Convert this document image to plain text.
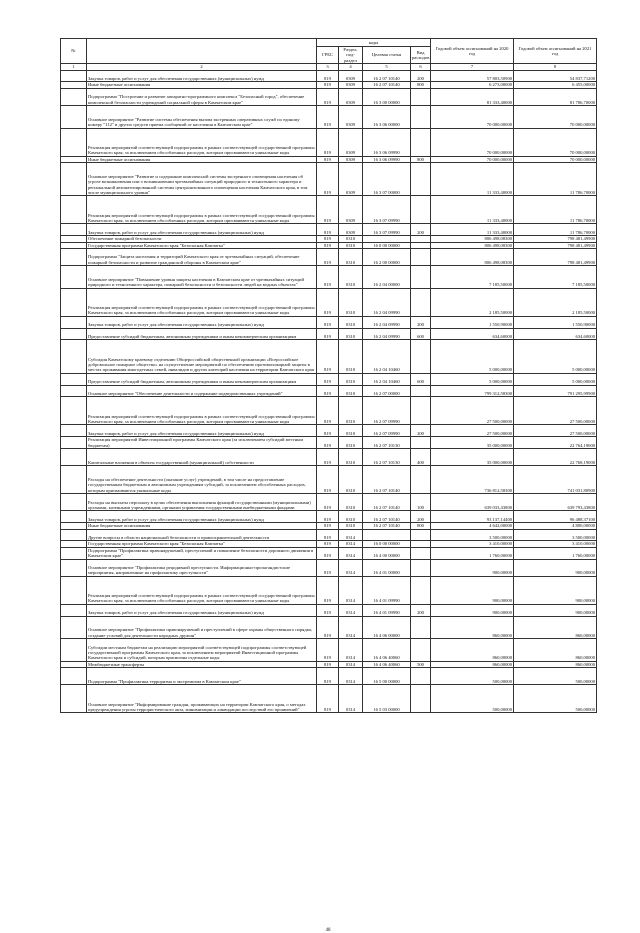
№		коды				Годовой объем ассигнований на 2020 год	Годовой объем ассигнований на 2021 год
		ГРБС	Раздел, под-раздел	Целевая статья	Вид расходов		
1	2	3	4	5	6	7	8
	Закупка товаров, работ и услуг для обеспечения государственных (муниципальных) нужд	819	0309	16 2 07 10140	200	57 803,50900	54 837,71200
	Иные бюджетные ассигнования	819	0309	16 2 07 10140	800	6 273,00000	6 455,00000
	Подпрограмма "Построение и развитие аппаратно-программного комплекса "Безопасный город", обеспечение комплексной безопасности учреждений социальной сферы в Камчатском крае"	819	0309	16 3 00 00000		81 333,40000	81 786,70000
	Основное мероприятие "Развитие системы обеспечения вызова экстренных оперативных служб по единому номеру "112" и других средств приема сообщений от населения в Камчатском крае"	819	0309	16 3 06 00000		70 000,00000	70 000,00000
	Реализация мероприятий соответствующей подпрограммы в рамках соответствующей государственной программы Камчатского края, за исключением обособленных расходов, которым присваиваются уникальные коды	819	0309	16 3 06 09990		70 000,00000	70 000,00000
	Иные бюджетные ассигнования	819	0309	16 3 06 09990	800	70 000,00000	70 000,00000
	Основное мероприятие "Развитие и содержание комплексной системы экстренного оповещения населения об угрозе возникновения или о возникновении чрезвычайных ситуаций природного и техногенного характера и региональной автоматизированной системы централизованного оповещения населения Камчатского края, в том числе муниципального уровня"	819	0309	16 3 07 00000		11 333,40000	11 786,70000
	Реализация мероприятий соответствующей подпрограммы в рамках соответствующей государственной программы Камчатского края, за исключением обособленных расходов, которым присваиваются уникальные коды	819	0309	16 3 07 09990		11 333,40000	11 786,70000
	Закупка товаров, работ и услуг для обеспечения государственных (муниципальных) нужд	819	0309	16 3 07 09990	200	11 333,40000	11 786,70000
	Обеспечение пожарной безопасности	819	0310			806 498,08300	798 481,49900
	Государственная программа Камчатского края "Безопасная Камчатка"	819	0310	16 0 00 00000		806 498,08300	798 481,49900
	Подпрограмма "Защита населения и территорий Камчатского края от чрезвычайных ситуаций, обеспечение пожарной безопасности и развитие гражданской обороны в Камчатском крае"	819	0310	16 2 00 00000		806 498,08300	798 481,49900
	Основное мероприятие "Повышение уровня защиты населения в Камчатском крае от чрезвычайных ситуаций природного и техногенного характера, пожарной безопасности и безопасности людей на водных объектах"	819	0310	16 2 04 00000		7 185,50000	7 185,50000
	Реализация мероприятий соответствующей подпрограммы в рамках соответствующей государственной программы Камчатского края, за исключением обособленных расходов, которым присваиваются уникальные коды	819	0310	16 2 04 09990		2 185,50000	2 185,50000
	Закупка товаров, работ и услуг для обеспечения государственных (муниципальных) нужд	819	0310	16 2 04 09990	200	1 550,90000	1 550,90000
	Предоставление субсидий бюджетным, автономным учреждениям и иным некоммерческим организациям	819	0310	16 2 04 09990	600	634,60000	634,60000
	Субсидия Камчатскому краевому отделению Общероссийской общественной организации «Всероссийское добровольное пожарное общество» на осуществление мероприятий по обеспечению противопожарной защиты в местах проживания многодетных семей, инвалидов и других категорий населения на территории Камчатского края	819	0310	16 2 04 10460		5 000,00000	5 000,00000
	Предоставление субсидий бюджетным, автономным учреждениям и иным некоммерческим организациям	819	0310	16 2 04 10460	600	5 000,00000	5 000,00000
	Основное мероприятие "Обеспечение деятельности и содержание подведомственных учреждений"	819	0310	16 2 07 00000		799 312,58300	791 295,99900
	Реализация мероприятий соответствующей подпрограммы в рамках соответствующей государственной программы Камчатского края, за исключением обособленных расходов, которым присваиваются уникальные коды	819	0310	16 2 07 09990		27 500,00000	27 500,00000
	Закупка товаров, работ и услуг для обеспечения государственных (муниципальных) нужд	819	0310	16 2 07 09990	200	27 500,00000	27 500,00000
	Реализация мероприятий Инвестиционной программы Камчатского края (за исключением субсидий местным бюджетам)	819	0310	16 2 07 10130		35 000,00000	22 764,19000
	Капитальные вложения в объекты государственной (муниципальной) собственности	819	0310	16 2 07 10130	400	35 000,00000	22 768,19000
	Расходы на обеспечение деятельности (оказание услуг) учреждений, в том числе на предоставление государственным бюджетным и автономным учреждениям субсидий, за исключением обособленных расходов, которым присваиваются уникальные коды	819	0310	16 2 07 10140		736 812,58300	741 031,80900
	Расходы на выплаты персоналу в целях обеспечения выполнения функций государственными (муниципальными) органами, казенными учреждениями, органами управления государственными внебюджетными фондами	819	0310	16 2 07 10140	100	639 033,43800	639 793,43800
	Закупка товаров, работ и услуг для обеспечения государственных (муниципальных) нужд	819	0310	16 2 07 10140	200	93 137,14400	96 488,37100
	Иные бюджетные ассигнования	819	0310	16 2 07 10140	800	4 642,00000	4 800,00000
	Другие вопросы в области национальной безопасности и правоохранительной деятельности	819	0314			3 500,00000	3 500,00000
	Государственная программа Камчатского края "Безопасная Камчатка"	819	0314	16 0 00 00000		3 410,00000	3 410,00000
	Подпрограмма "Профилактика правонарушений, преступлений и повышение безопасности дорожного движения в Камчатском крае"	819	0314	16 4 00 00000		1 760,00000	1 760,00000
	Основное мероприятие "Профилактика рецидивной преступности. Информационно-пропагандистские мероприятия, направленные на профилактику преступности"	819	0314	16 4 01 00000		900,00000	900,00000
	Реализация мероприятий соответствующей подпрограммы в рамках соответствующей государственной программы Камчатского края, за исключением обособленных расходов, которым присваиваются уникальные коды	819	0314	16 4 01 09990		900,00000	900,00000
	Закупка товаров, работ и услуг для обеспечения государственных (муниципальных) нужд	819	0314	16 4 01 09990	200	900,00000	900,00000
	Основное мероприятие "Профилактика правонарушений и преступлений в сфере охраны общественного порядка, создание условий для деятельности народных дружин"	819	0314	16 4 06 00000		860,00000	860,00000
	Субсидии местным бюджетам на реализацию мероприятий соответствующей подпрограммы соответствующей государственной программы Камчатского края, за исключением мероприятий Инвестиционной программы Камчатского края и субсидий, которым присвоены отдельные коды	819	0314	16 4 06 40060		860,00000	860,00000
	Межбюджетные трансферты	819	0314	16 4 06 40060	500	860,00000	860,00000
	Подпрограмма "Профилактика терроризма и экстремизма в Камчатском крае"	819	0314	16 5 00 00000		500,00000	500,00000
	Основное мероприятие "Информирование граждан, проживающих на территории Камчатского края, о методах предупреждения угрозы террористического акта, минимизации и ликвидации последствий его проявлений"	819	0314	16 5 03 00000		500,00000	500,00000
48
